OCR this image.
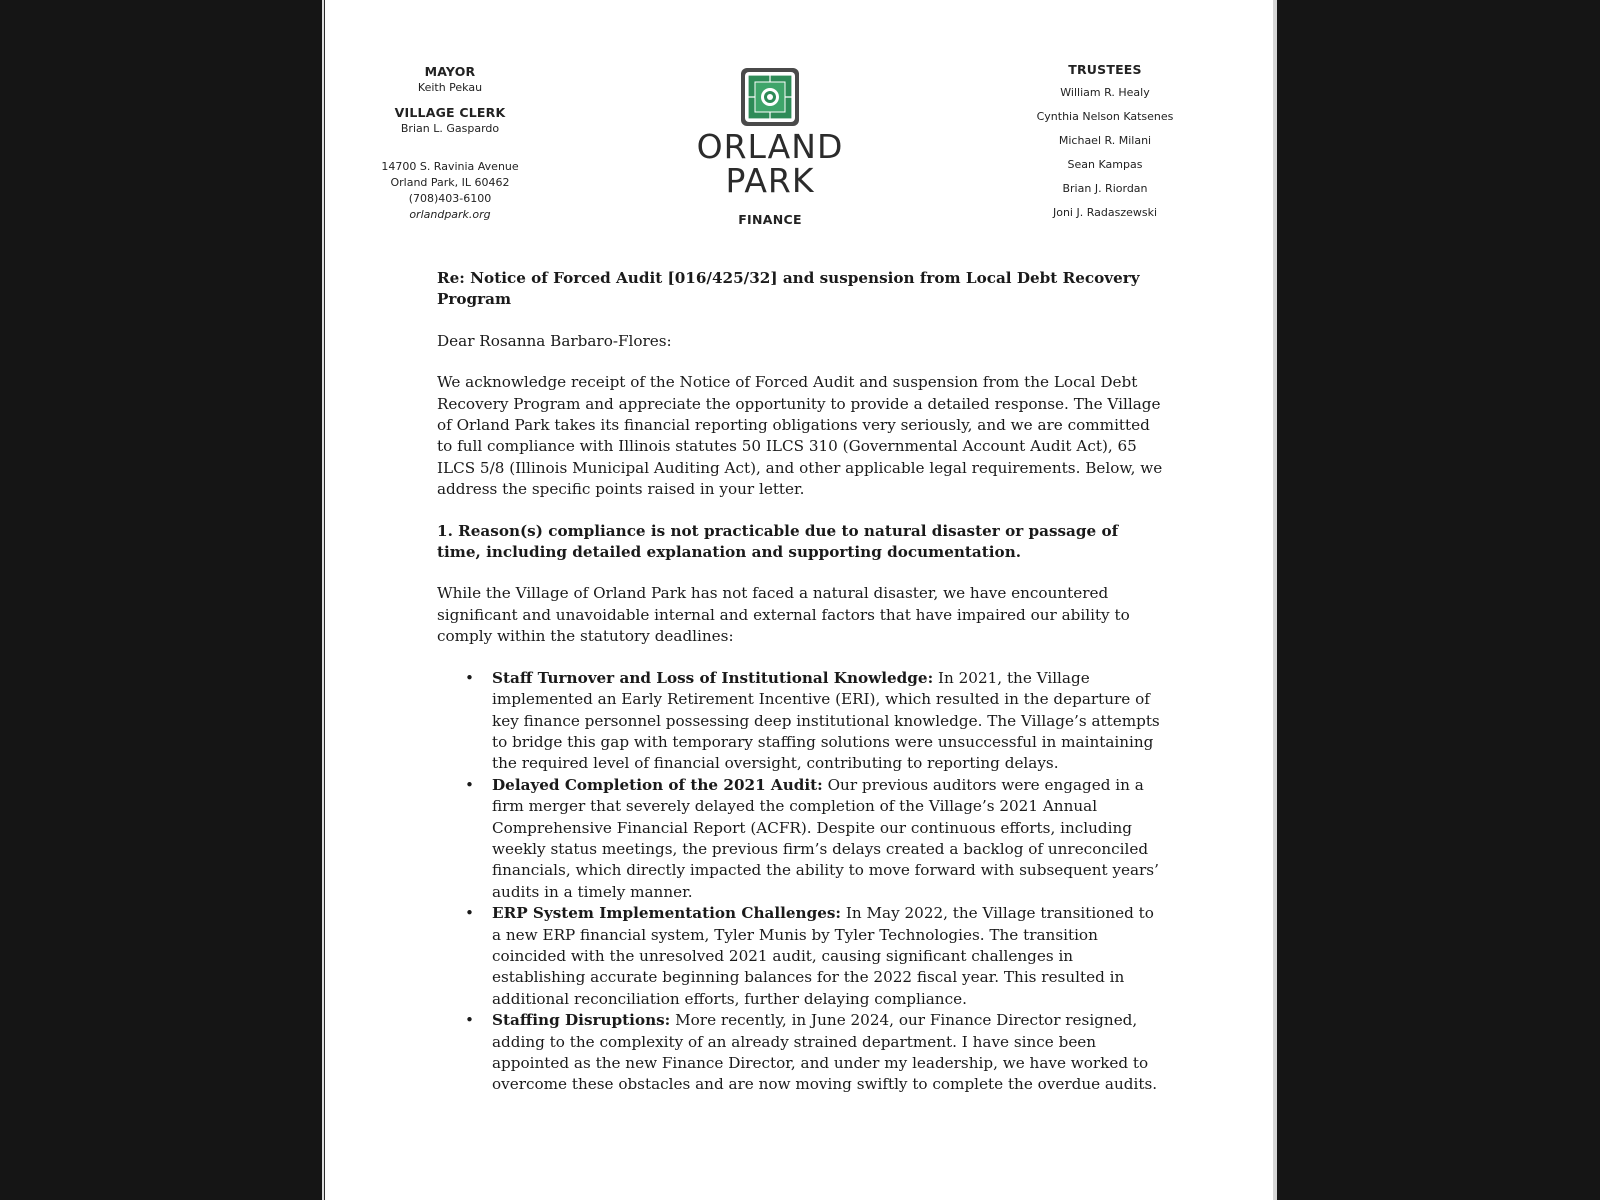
MAYOR

Keith Pekau

VILLAGE CLERK

Brian L. Gaspardo

14700 S. Ravinia Avenue

Orland Park, IL 60462

(708)403-6100

orlandpark.org

ORLAND

PARK

FINANCE

TRUSTEES

William R. Healy

Cynthia Nelson Katsenes

Michael R. Milani

Sean Kampas

Brian J. Riordan

Joni J. Radaszewski

Re: Notice of Forced Audit [016/425/32] and suspension from Local Debt Recovery Program

Dear Rosanna Barbaro-Flores:

We acknowledge receipt of the Notice of Forced Audit and suspension from the Local Debt Recovery Program and appreciate the opportunity to provide a detailed response. The Village of Orland Park takes its financial reporting obligations very seriously, and we are committed to full compliance with Illinois statutes 50 ILCS 310 (Governmental Account Audit Act), 65 ILCS 5/8 (Illinois Municipal Auditing Act), and other applicable legal requirements. Below, we address the specific points raised in your letter.

1. Reason(s) compliance is not practicable due to natural disaster or passage of time, including detailed explanation and supporting documentation.

While the Village of Orland Park has not faced a natural disaster, we have encountered significant and unavoidable internal and external factors that have impaired our ability to comply within the statutory deadlines:

• Staff Turnover and Loss of Institutional Knowledge: In 2021, the Village implemented an Early Retirement Incentive (ERI), which resulted in the departure of key finance personnel possessing deep institutional knowledge. The Village’s attempts to bridge this gap with temporary staffing solutions were unsuccessful in maintaining the required level of financial oversight, contributing to reporting delays.
• Delayed Completion of the 2021 Audit: Our previous auditors were engaged in a firm merger that severely delayed the completion of the Village’s 2021 Annual Comprehensive Financial Report (ACFR). Despite our continuous efforts, including weekly status meetings, the previous firm’s delays created a backlog of unreconciled financials, which directly impacted the ability to move forward with subsequent years’ audits in a timely manner.
• ERP System Implementation Challenges: In May 2022, the Village transitioned to a new ERP financial system, Tyler Munis by Tyler Technologies. The transition coincided with the unresolved 2021 audit, causing significant challenges in establishing accurate beginning balances for the 2022 fiscal year. This resulted in additional reconciliation efforts, further delaying compliance.
• Staffing Disruptions: More recently, in June 2024, our Finance Director resigned, adding to the complexity of an already strained department. I have since been appointed as the new Finance Director, and under my leadership, we have worked to overcome these obstacles and are now moving swiftly to complete the overdue audits.
